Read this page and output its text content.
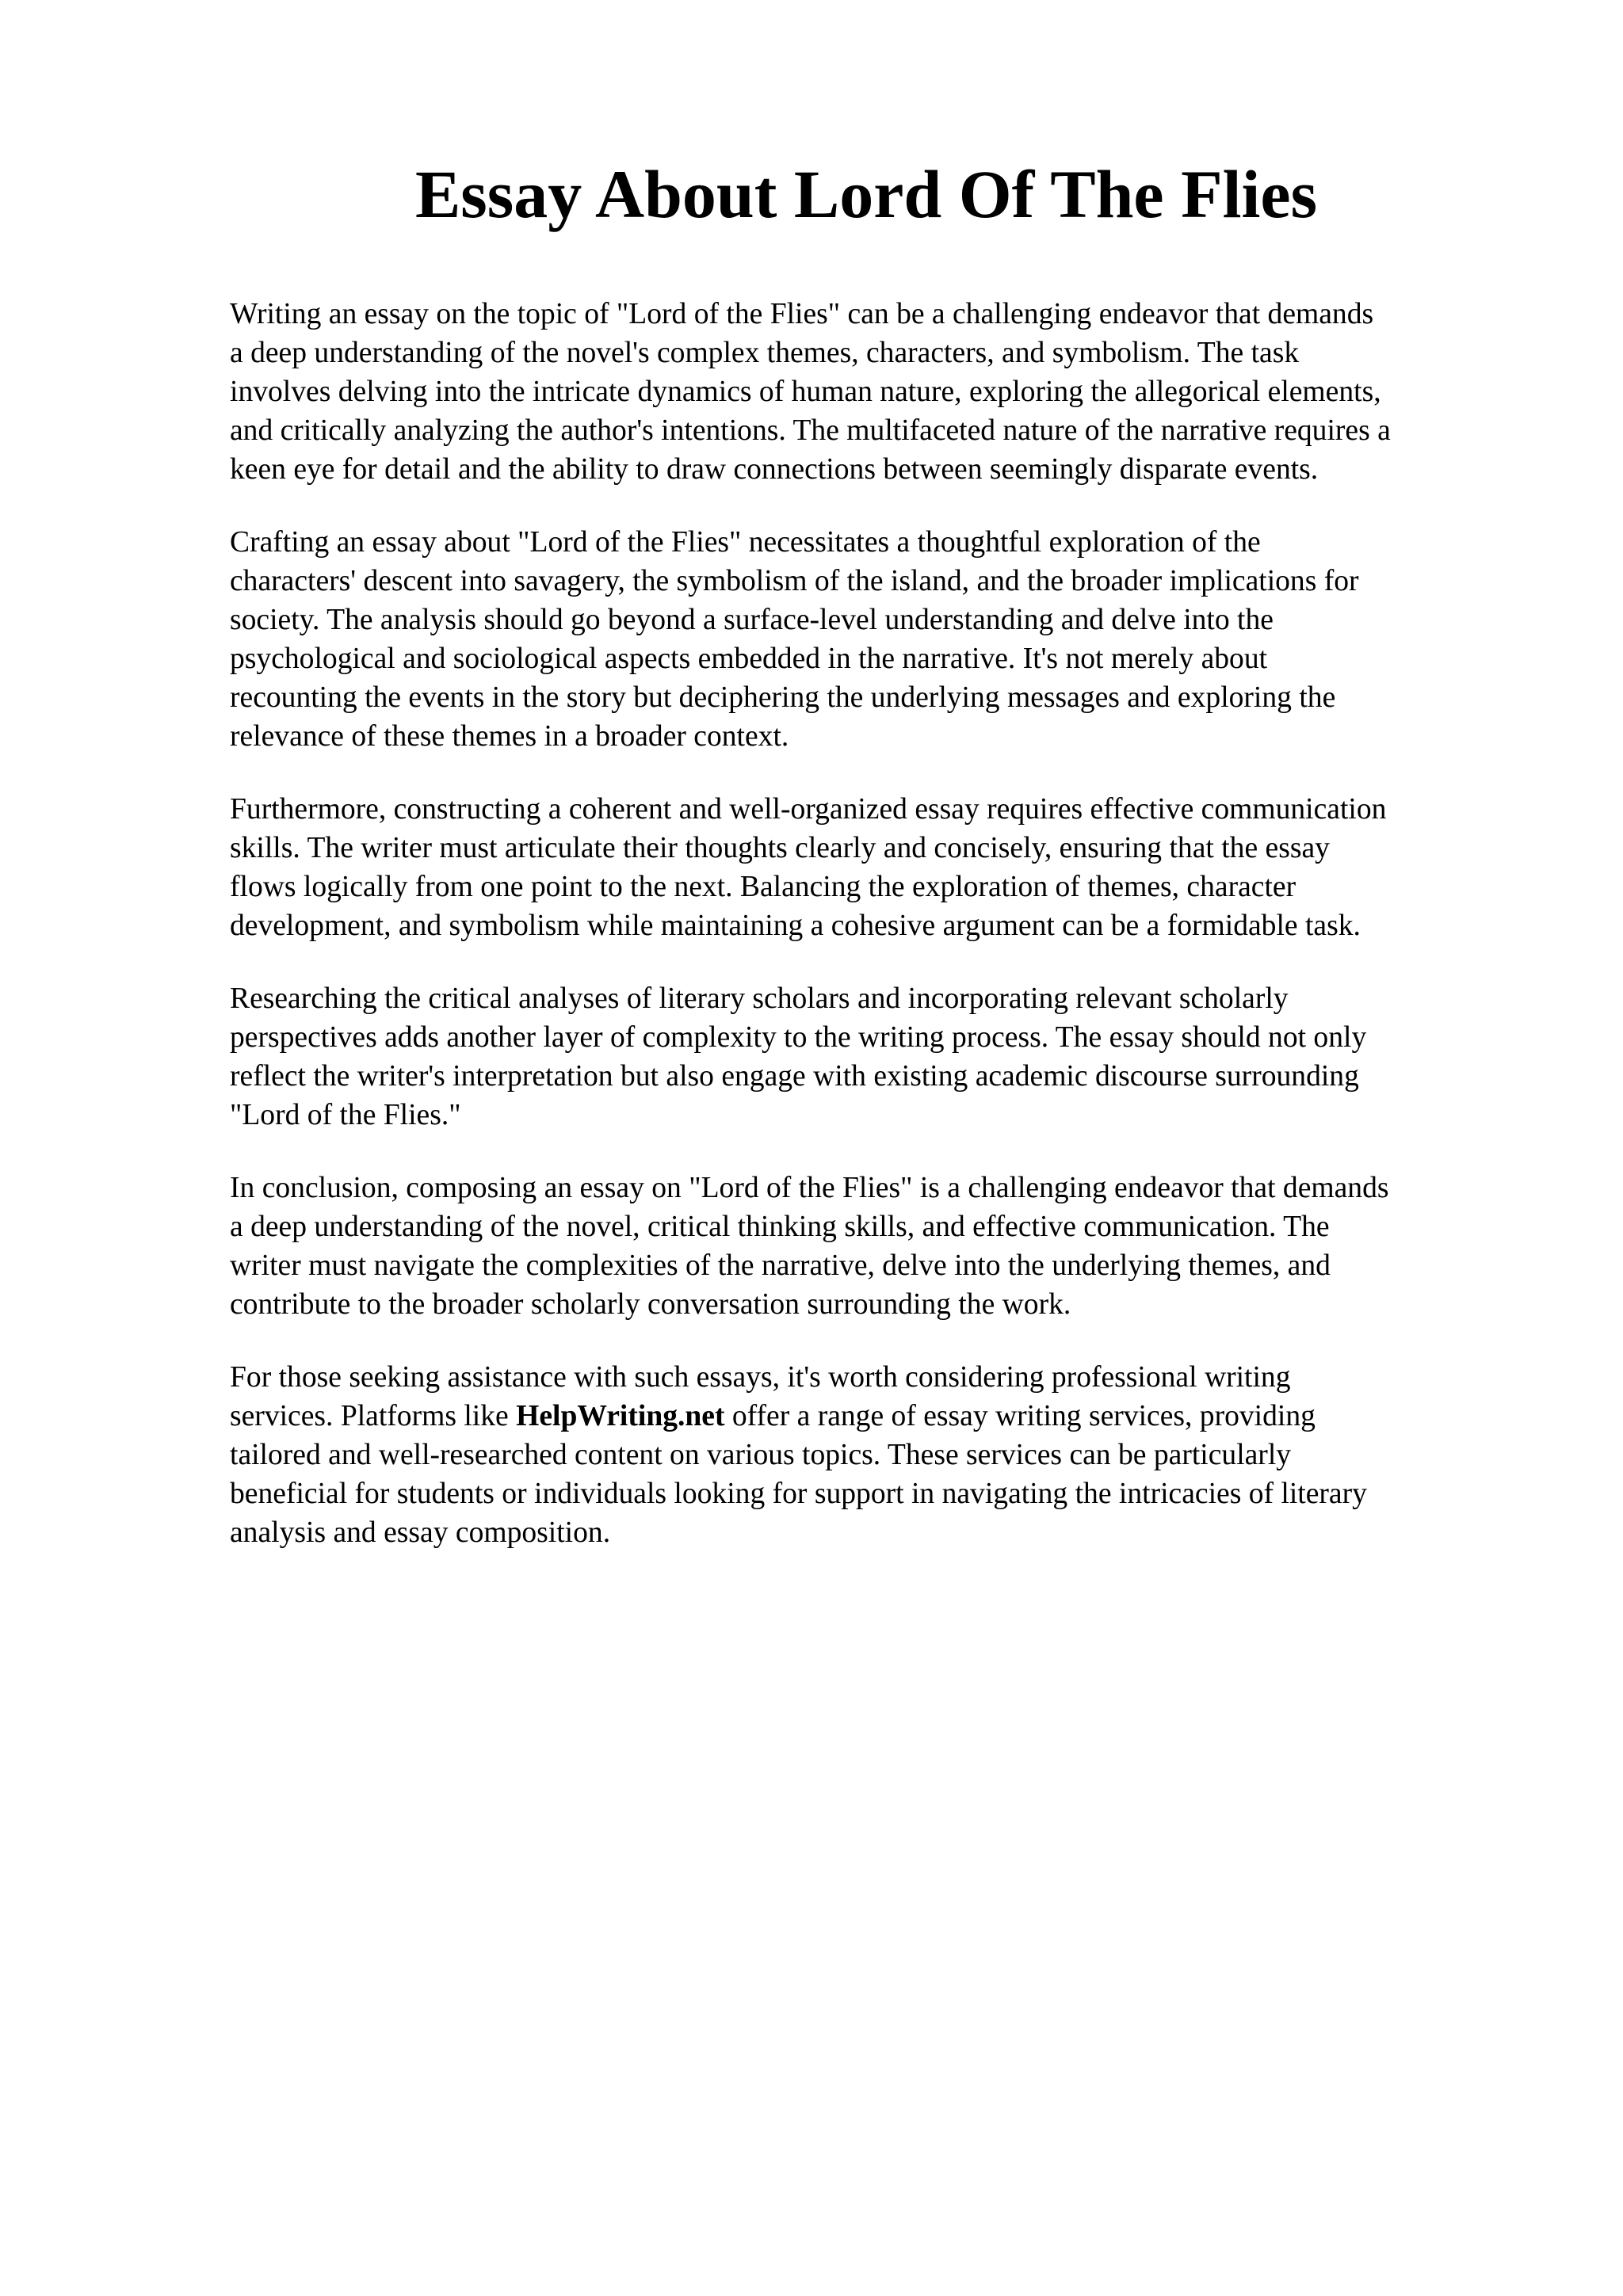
Essay About Lord Of The Flies

Writing an essay on the topic of "Lord of the Flies" can be a challenging endeavor that demands
a deep understanding of the novel's complex themes, characters, and symbolism. The task
involves delving into the intricate dynamics of human nature, exploring the allegorical elements,
and critically analyzing the author's intentions. The multifaceted nature of the narrative requires a
keen eye for detail and the ability to draw connections between seemingly disparate events.

Crafting an essay about "Lord of the Flies" necessitates a thoughtful exploration of the
characters' descent into savagery, the symbolism of the island, and the broader implications for
society. The analysis should go beyond a surface-level understanding and delve into the
psychological and sociological aspects embedded in the narrative. It's not merely about
recounting the events in the story but deciphering the underlying messages and exploring the
relevance of these themes in a broader context.

Furthermore, constructing a coherent and well-organized essay requires effective communication
skills. The writer must articulate their thoughts clearly and concisely, ensuring that the essay
flows logically from one point to the next. Balancing the exploration of themes, character
development, and symbolism while maintaining a cohesive argument can be a formidable task.

Researching the critical analyses of literary scholars and incorporating relevant scholarly
perspectives adds another layer of complexity to the writing process. The essay should not only
reflect the writer's interpretation but also engage with existing academic discourse surrounding
"Lord of the Flies."

In conclusion, composing an essay on "Lord of the Flies" is a challenging endeavor that demands
a deep understanding of the novel, critical thinking skills, and effective communication. The
writer must navigate the complexities of the narrative, delve into the underlying themes, and
contribute to the broader scholarly conversation surrounding the work.

For those seeking assistance with such essays, it's worth considering professional writing
services. Platforms like HelpWriting.net offer a range of essay writing services, providing
tailored and well-researched content on various topics. These services can be particularly
beneficial for students or individuals looking for support in navigating the intricacies of literary
analysis and essay composition.
